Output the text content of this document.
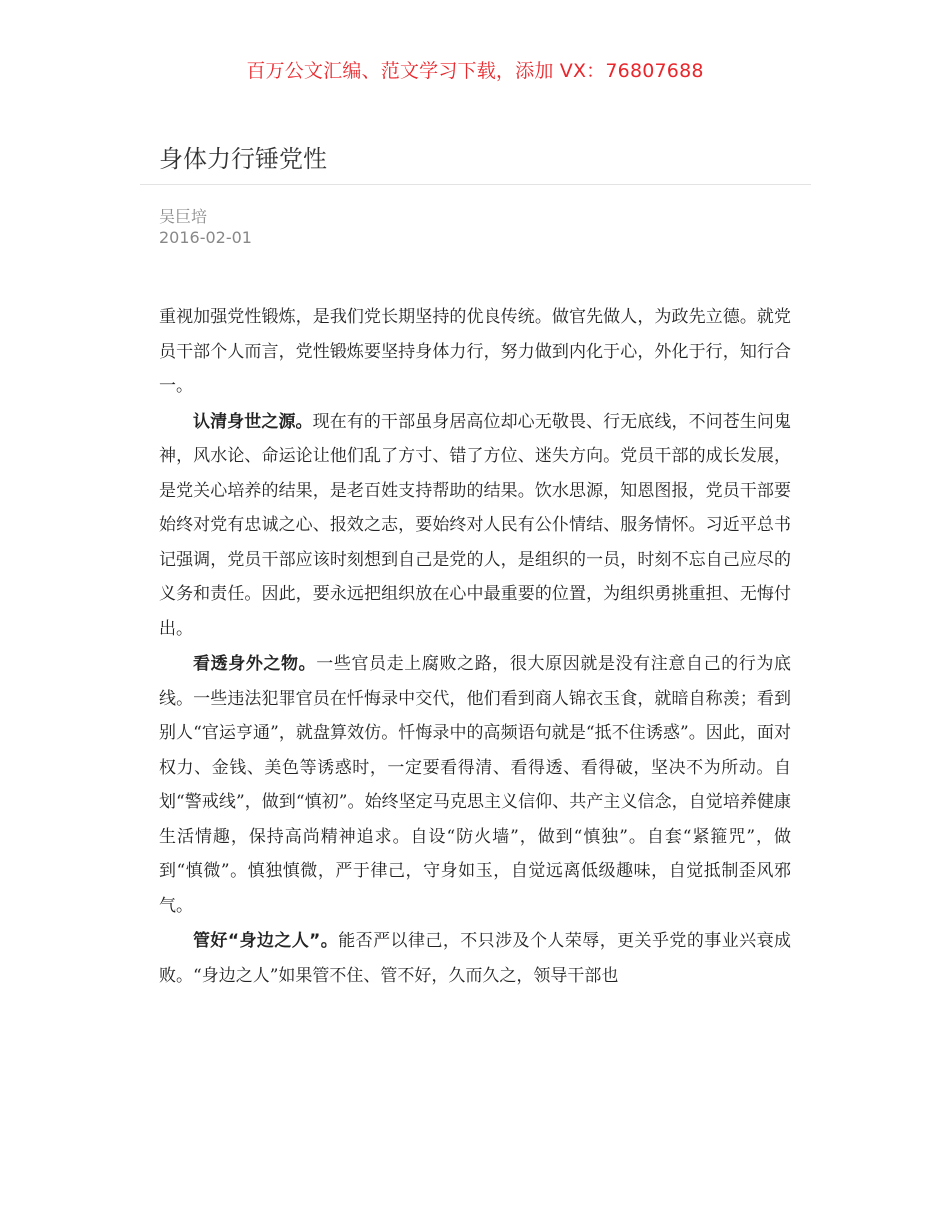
百万公文汇编、范文学习下载，添加 VX：76807688
身体力行锤党性
吴巨培
2016-02-01

重视加强党性锻炼，是我们党长期坚持的优良传统。做官先做人，为政先立德。就党员干部个人而言，党性锻炼要坚持身体力行，努力做到内化于心，外化于行，知行合一。

认清身世之源。现在有的干部虽身居高位却心无敬畏、行无底线，不问苍生问鬼神，风水论、命运论让他们乱了方寸、错了方位、迷失方向。党员干部的成长发展，是党关心培养的结果，是老百姓支持帮助的结果。饮水思源，知恩图报，党员干部要始终对党有忠诚之心、报效之志，要始终对人民有公仆情结、服务情怀。习近平总书记强调，党员干部应该时刻想到自己是党的人，是组织的一员，时刻不忘自己应尽的义务和责任。因此，要永远把组织放在心中最重要的位置，为组织勇挑重担、无悔付出。

看透身外之物。一些官员走上腐败之路，很大原因就是没有注意自己的行为底线。一些违法犯罪官员在忏悔录中交代，他们看到商人锦衣玉食，就暗自称羡；看到别人“官运亨通”，就盘算效仿。忏悔录中的高频语句就是“抵不住诱惑”。因此，面对权力、金钱、美色等诱惑时，一定要看得清、看得透、看得破，坚决不为所动。自划“警戒线”，做到“慎初”。始终坚定马克思主义信仰、共产主义信念，自觉培养健康生活情趣，保持高尚精神追求。自设“防火墙”，做到“慎独”。自套“紧箍咒”，做到“慎微”。慎独慎微，严于律己，守身如玉，自觉远离低级趣味，自觉抵制歪风邪气。

管好“身边之人”。能否严以律己，不只涉及个人荣辱，更关乎党的事业兴衰成败。“身边之人”如果管不住、管不好，久而久之，领导干部也
